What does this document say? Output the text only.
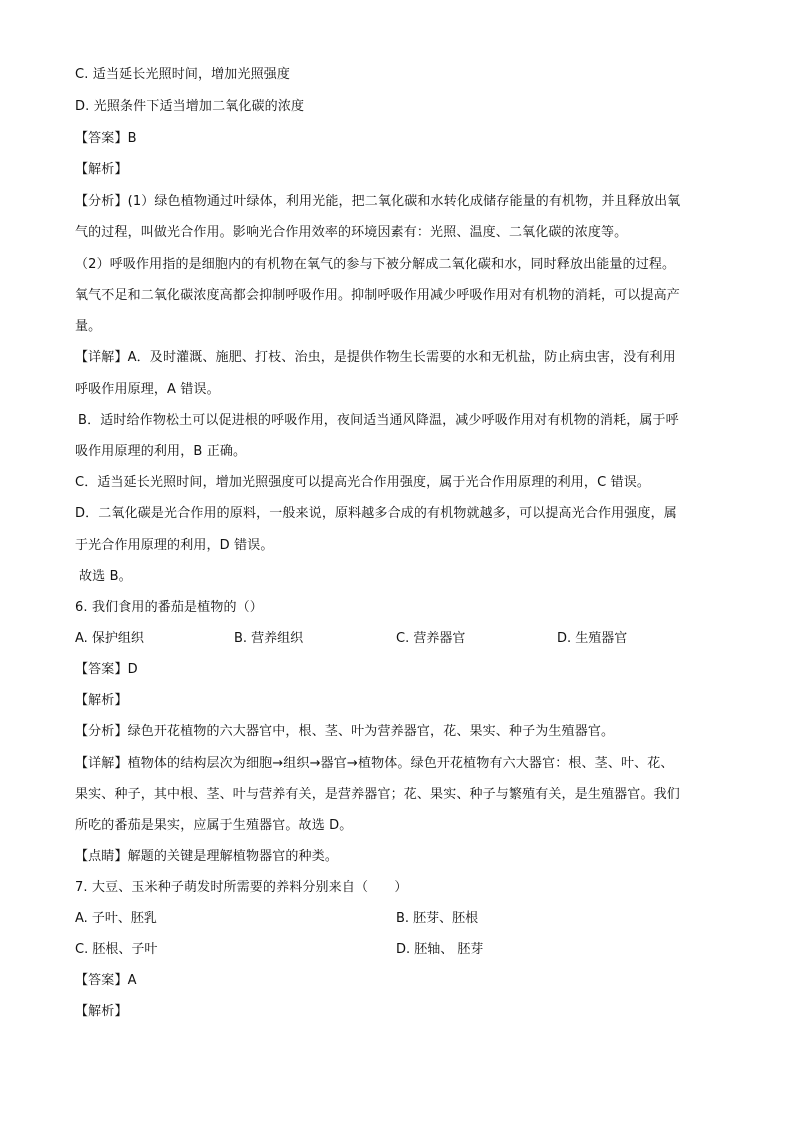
C. 适当延长光照时间，增加光照强度
D. 光照条件下适当增加二氧化碳的浓度
【答案】B
【解析】
【分析】(1）绿色植物通过叶绿体，利用光能，把二氧化碳和水转化成储存能量的有机物，并且释放出氧
气的过程，叫做光合作用。影响光合作用效率的环境因素有：光照、温度、二氧化碳的浓度等。
（2）呼吸作用指的是细胞内的有机物在氧气的参与下被分解成二氧化碳和水，同时释放出能量的过程。
氧气不足和二氧化碳浓度高都会抑制呼吸作用。抑制呼吸作用减少呼吸作用对有机物的消耗，可以提高产
量。
【详解】A．及时灌溉、施肥、打枝、治虫，是提供作物生长需要的水和无机盐，防止病虫害，没有利用
呼吸作用原理，A 错误。
B．适时给作物松土可以促进根的呼吸作用，夜间适当通风降温，减少呼吸作用对有机物的消耗，属于呼
吸作用原理的利用，B 正确。
C．适当延长光照时间，增加光照强度可以提高光合作用强度，属于光合作用原理的利用，C 错误。
D．二氧化碳是光合作用的原料，一般来说，原料越多合成的有机物就越多，可以提高光合作用强度，属
于光合作用原理的利用，D 错误。
故选 B。
6. 我们食用的番茄是植物的（）
A. 保护组织	B. 营养组织	C. 营养器官	D. 生殖器官
【答案】D
【解析】
【分析】绿色开花植物的六大器官中，根、茎、叶为营养器官，花、果实、种子为生殖器官。
【详解】植物体的结构层次为细胞→组织→器官→植物体。绿色开花植物有六大器官：根、茎、叶、花、
果实、种子，其中根、茎、叶与营养有关，是营养器官；花、果实、种子与繁殖有关，是生殖器官。我们
所吃的番茄是果实，应属于生殖器官。故选 D。
【点睛】解题的关键是理解植物器官的种类。
7. 大豆、玉米种子萌发时所需要的养料分别来自（　　）
A. 子叶、胚乳	B. 胚芽、胚根
C. 胚根、子叶	D. 胚轴、 胚芽
【答案】A
【解析】
